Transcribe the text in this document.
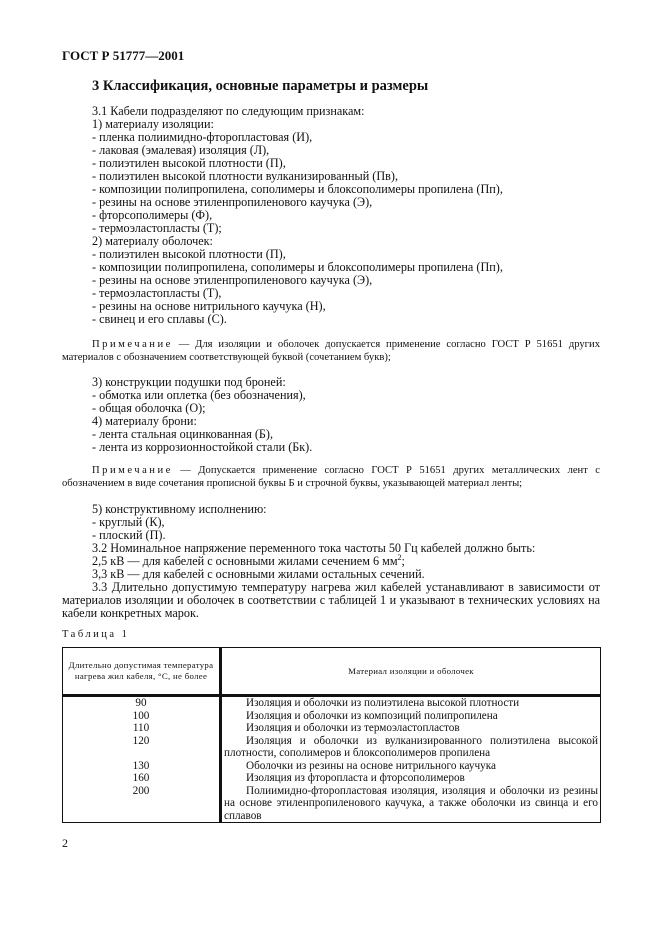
ГОСТ Р 51777—2001
3 Классификация, основные параметры и размеры
3.1 Кабели подразделяют по следующим признакам:
1) материалу изоляции:
- пленка полиимидно-фторопластовая (И),
- лаковая (эмалевая) изоляция (Л),
- полиэтилен высокой плотности (П),
- полиэтилен высокой плотности вулканизированный (Пв),
- композиции полипропилена, сополимеры и блоксополимеры пропилена (Пп),
- резины на основе этиленпропиленового каучука (Э),
- фторсополимеры (Ф),
- термоэластопласты (Т);
2) материалу оболочек:
- полиэтилен высокой плотности (П),
- композиции полипропилена, сополимеры и блоксополимеры пропилена (Пп),
- резины на основе этиленпропиленового каучука (Э),
- термоэластопласты (Т),
- резины на основе нитрильного каучука (Н),
- свинец и его сплавы (С).
Примечание — Для изоляции и оболочек допускается применение согласно ГОСТ Р 51651 других материалов с обозначением соответствующей буквой (сочетанием букв);
3) конструкции подушки под броней:
- обмотка или оплетка (без обозначения),
- общая оболочка (О);
4) материалу брони:
- лента стальная оцинкованная (Б),
- лента из коррозионностойкой стали (Бк).
Примечание — Допускается применение согласно ГОСТ Р 51651 других металлических лент с обозначением в виде сочетания прописной буквы Б и строчной буквы, указывающей материал ленты;
5) конструктивному исполнению:
- круглый (К),
- плоский (П).
3.2 Номинальное напряжение переменного тока частоты 50 Гц кабелей должно быть:
2,5 кВ — для кабелей с основными жилами сечением 6 $мм^2$;
3,3 кВ — для кабелей с основными жилами остальных сечений.
3.3 Длительно допустимую температуру нагрева жил кабелей устанавливают в зависимости от материалов изоляции и оболочек в соответствии с таблицей 1 и указывают в технических условиях на кабели конкретных марок.
Таблица 1
Длительно допустимая температура нагрева жил кабеля, °С, не более	Материал изоляции и оболочек
90	Изоляция и оболочки из полиэтилена высокой плотности
100	Изоляция и оболочки из композиций полипропилена
110	Изоляция и оболочки из термоэластопластов
120	Изоляция и оболочки из вулканизированного полиэтилена высокой плотности, сополимеров и блоксополимеров пропилена
130	Оболочки из резины на основе нитрильного каучука
160	Изоляция из фторопласта и фторсополимеров
200	Полиимидно-фторопластовая изоляция, изоляция и оболочки из резины на основе этиленпропиленового каучука, а также оболочки из свинца и его сплавов
2
